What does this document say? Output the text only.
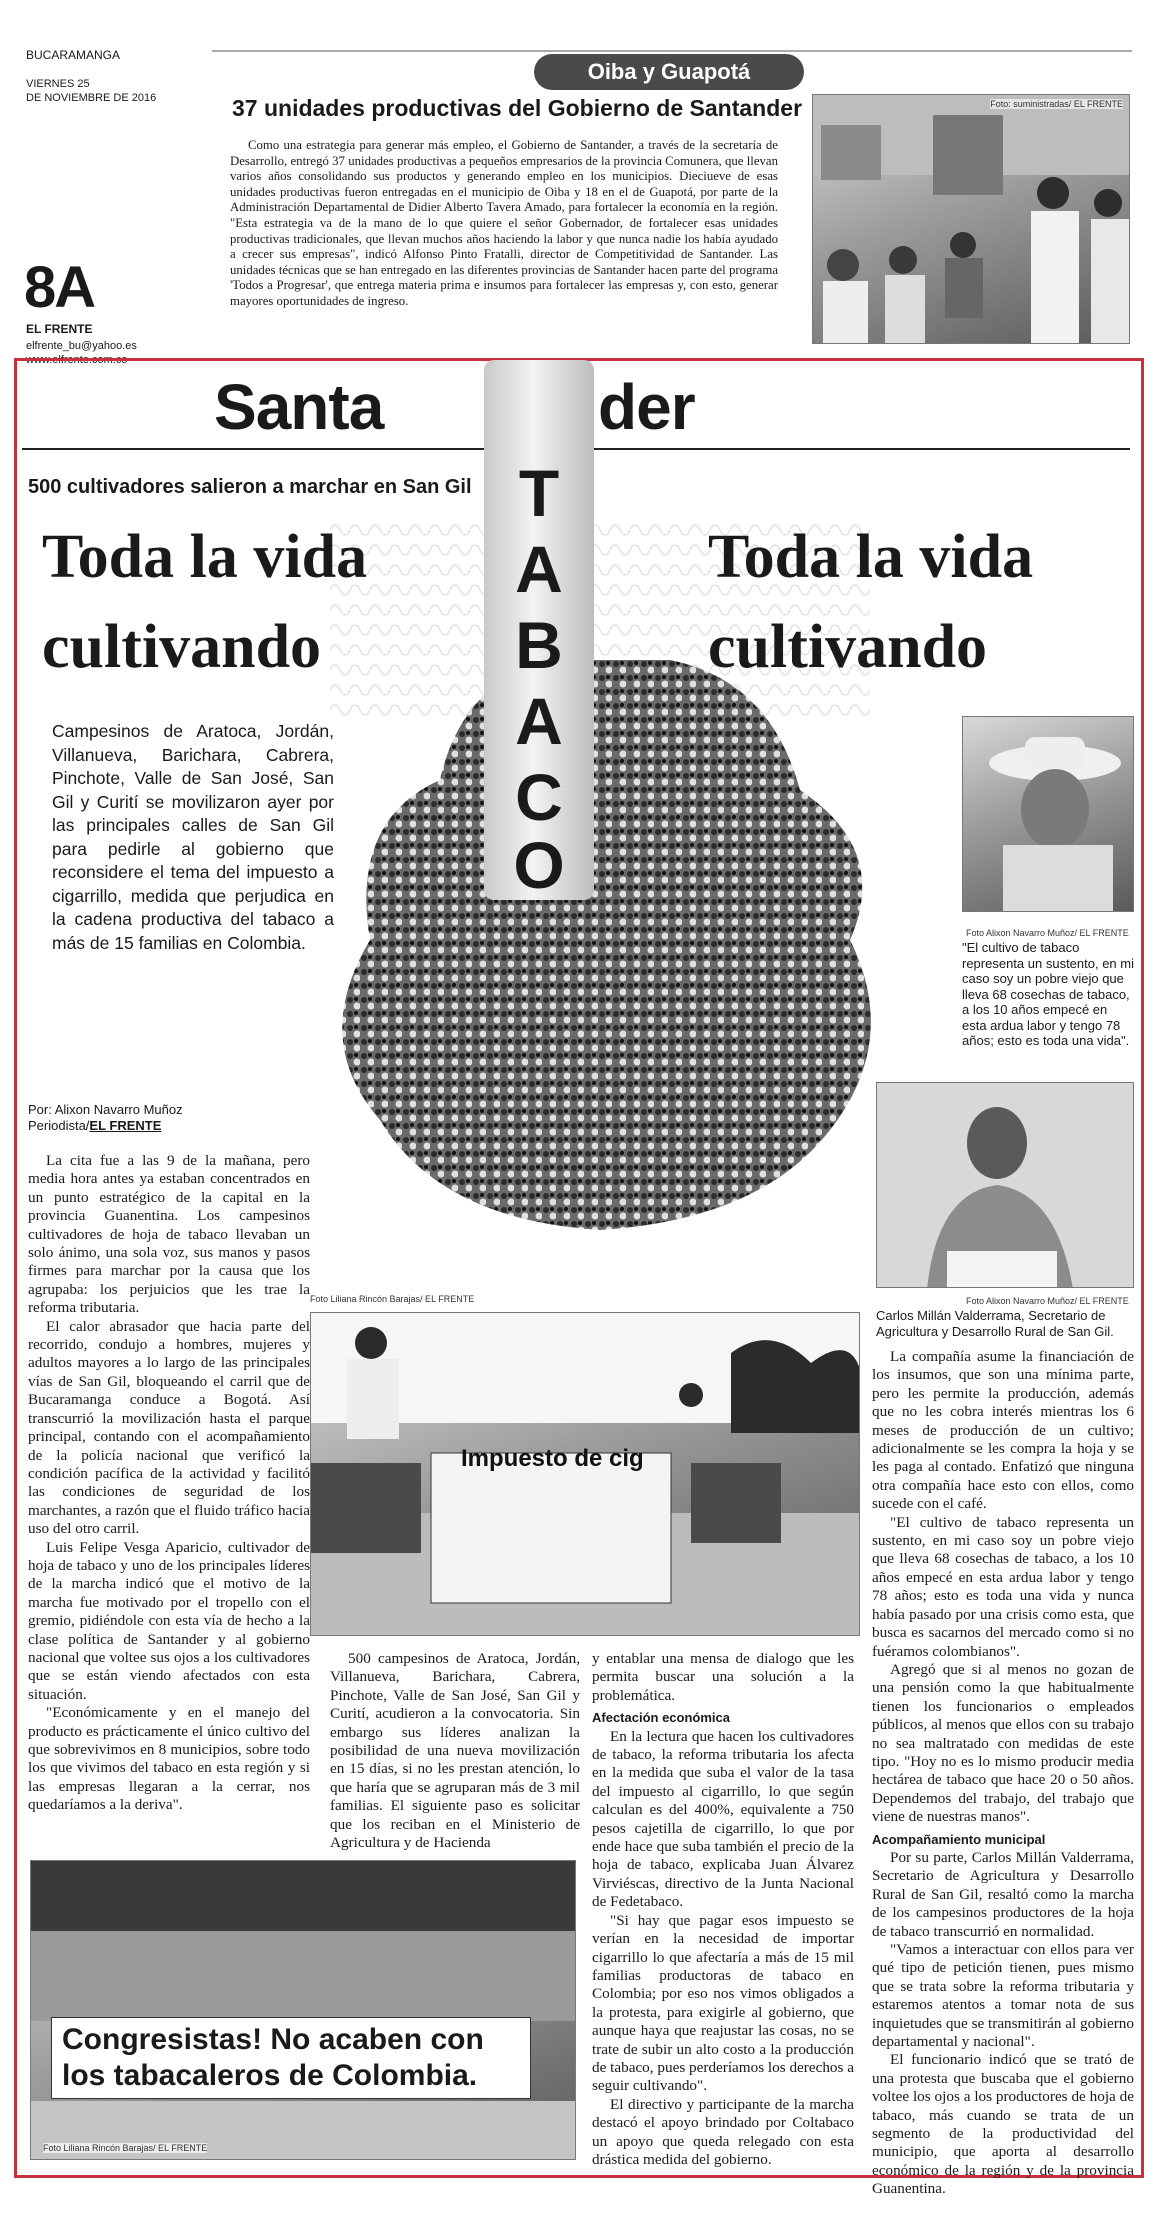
BUCARAMANGA
VIERNES 25
DE NOVIEMBRE DE 2016
8A
EL FRENTE
elfrente_bu@yahoo.es
www.elfrente.com.co
Oiba y Guapotá
37 unidades productivas del Gobierno de Santander
Como una estrategia para generar más empleo, el Gobierno de Santander, a través de la secretaría de Desarrollo, entregó 37 unidades productivas a pequeños empresarios de la provincia Comunera, que llevan varios años consolidando sus productos y generando empleo en los municipios. Dieciueve de esas unidades productivas fueron entregadas en el municipio de Oiba y 18 en el de Guapotá, por parte de la Administración Departamental de Didier Alberto Tavera Amado, para fortalecer la economía en la región. "Esta estrategia va de la mano de lo que quiere el señor Gobernador, de fortalecer esas unidades productivas tradicionales, que llevan muchos años haciendo la labor y que nunca nadie los había ayudado a crecer sus empresas", indicó Alfonso Pinto Fratalli, director de Competitividad de Santander. Las unidades técnicas que se han entregado en las diferentes provincias de Santander hacen parte del programa 'Todos a Progresar', que entrega materia prima e insumos para fortalecer las empresas y, con esto, generar mayores oportunidades de ingreso.
Foto: suministradas/ EL FRENTE
Santa	der
T
A
B
A
C
O
500 cultivadores salieron a marchar en San Gil
Toda la vida
cultivando
Toda la vida
cultivando
Campesinos de Aratoca, Jordán, Villanueva, Barichara, Cabrera, Pinchote, Valle de San José, San Gil y Curití se movilizaron ayer por las principales calles de San Gil para pedirle al gobierno que reconsidere el tema del impuesto a cigarrillo, medida que perjudica en la cadena productiva del tabaco a más de 15 familias en Colombia.
Por: Alixon Navarro Muñoz
Periodista/EL FRENTE

La cita fue a las 9 de la mañana, pero media hora antes ya estaban concentrados en un punto estratégico de la capital en la provincia Guanentina. Los campesinos cultivadores de hoja de tabaco llevaban un solo ánimo, una sola voz, sus manos y pasos firmes para marchar por la causa que los agrupaba: los perjuicios que les trae la reforma tributaria.

El calor abrasador que hacia parte del recorrido, condujo a hombres, mujeres y adultos mayores a lo largo de las principales vías de San Gil, bloqueando el carril que de Bucaramanga conduce a Bogotá. Así transcurrió la movilización hasta el parque principal, contando con el acompañamiento de la policía nacional que verificó la condición pacífica de la actividad y facilitó las condiciones de seguridad de los marchantes, a razón que el fluido tráfico hacia uso del otro carril.

Luis Felipe Vesga Aparicio, cultivador de hoja de tabaco y uno de los principales líderes de la marcha indicó que el motivo de la marcha fue motivado por el tropello con el gremio, pidiéndole con esta vía de hecho a la clase política de Santander y al gobierno nacional que voltee sus ojos a los cultivadores que se están viendo afectados con esta situación.

"Económicamente y en el manejo del producto es prácticamente el único cultivo del que sobrevivimos en 8 municipios, sobre todo los que vivimos del tabaco en esta región y si las empresas llegaran a la cerrar, nos quedaríamos a la deriva".

Foto Alixon Navarro Muñoz/ EL FRENTE
"El cultivo de tabaco representa un sustento, en mi caso soy un pobre viejo que lleva 68 cosechas de tabaco, a los 10 años empecé en esta ardua labor y tengo 78 años; esto es toda una vida".
Foto Alixon Navarro Muñoz/ EL FRENTE
Carlos Millán Valderrama, Secretario de Agricultura y Desarrollo Rural de San Gil.
Foto Liliana Rincón Barajas/ EL FRENTE
Impuesto de cig

500 campesinos de Aratoca, Jordán, Villanueva, Barichara, Cabrera, Pinchote, Valle de San José, San Gil y Curití, acudieron a la convocatoria. Sin embargo sus líderes analizan la posibilidad de una nueva movilización en 15 días, si no les prestan atención, lo que haría que se agruparan más de 3 mil familias. El siguiente paso es solicitar que los reciban en el Ministerio de Agricultura y de Hacienda

y entablar una mensa de dialogo que les permita buscar una solución a la problemática.
Afectación económica

En la lectura que hacen los cultivadores de tabaco, la reforma tributaria los afecta en la medida que suba el valor de la tasa del impuesto al cigarrillo, lo que según calculan es del 400%, equivalente a 750 pesos cajetilla de cigarrillo, lo que por ende hace que suba también el precio de la hoja de tabaco, explicaba Juan Álvarez Virviéscas, directivo de la Junta Nacional de Fedetabaco.

"Si hay que pagar esos impuesto se verían en la necesidad de importar cigarrillo lo que afectaría a más de 15 mil familias productoras de tabaco en Colombia; por eso nos vimos obligados a la protesta, para exigirle al gobierno, que aunque haya que reajustar las cosas, no se trate de subir un alto costo a la producción de tabaco, pues perderíamos los derechos a seguir cultivando".

El directivo y participante de la marcha destacó el apoyo brindado por Coltabaco un apoyo que queda relegado con esta drástica medida del gobierno.

La compañía asume la financiación de los insumos, que son una mínima parte, pero les permite la producción, además que no les cobra interés mientras los 6 meses de producción de un cultivo; adicionalmente se les compra la hoja y se les paga al contado. Enfatizó que ninguna otra compañía hace esto con ellos, como sucede con el café.

"El cultivo de tabaco representa un sustento, en mi caso soy un pobre viejo que lleva 68 cosechas de tabaco, a los 10 años empecé en esta ardua labor y tengo 78 años; esto es toda una vida y nunca había pasado por una crisis como esta, que busca es sacarnos del mercado como si no fuéramos colombianos".

Agregó que si al menos no gozan de una pensión como la que habitualmente tienen los funcionarios o empleados públicos, al menos que ellos con su trabajo no sea maltratado con medidas de este tipo. "Hoy no es lo mismo producir media hectárea de tabaco que hace 20 o 50 años. Dependemos del trabajo, del trabajo que viene de nuestras manos".

Acompañamiento municipal

Por su parte, Carlos Millán Valderrama, Secretario de Agricultura y Desarrollo Rural de San Gil, resaltó como la marcha de los campesinos productores de la hoja de tabaco transcurrió en normalidad.

"Vamos a interactuar con ellos para ver qué tipo de petición tienen, pues mismo que se trata sobre la reforma tributaria y estaremos atentos a tomar nota de sus inquietudes que se transmitirán al gobierno departamental y nacional".

El funcionario indicó que se trató de una protesta que buscaba que el gobierno voltee los ojos a los productores de hoja de tabaco, más cuando se trata de un segmento de la productividad del municipio, que aporta al desarrollo económico de la región y de la provincia Guanentina.

Congresistas! No acaben con
los tabacaleros de Colombia.
Foto Liliana Rincón Barajas/ EL FRENTE
